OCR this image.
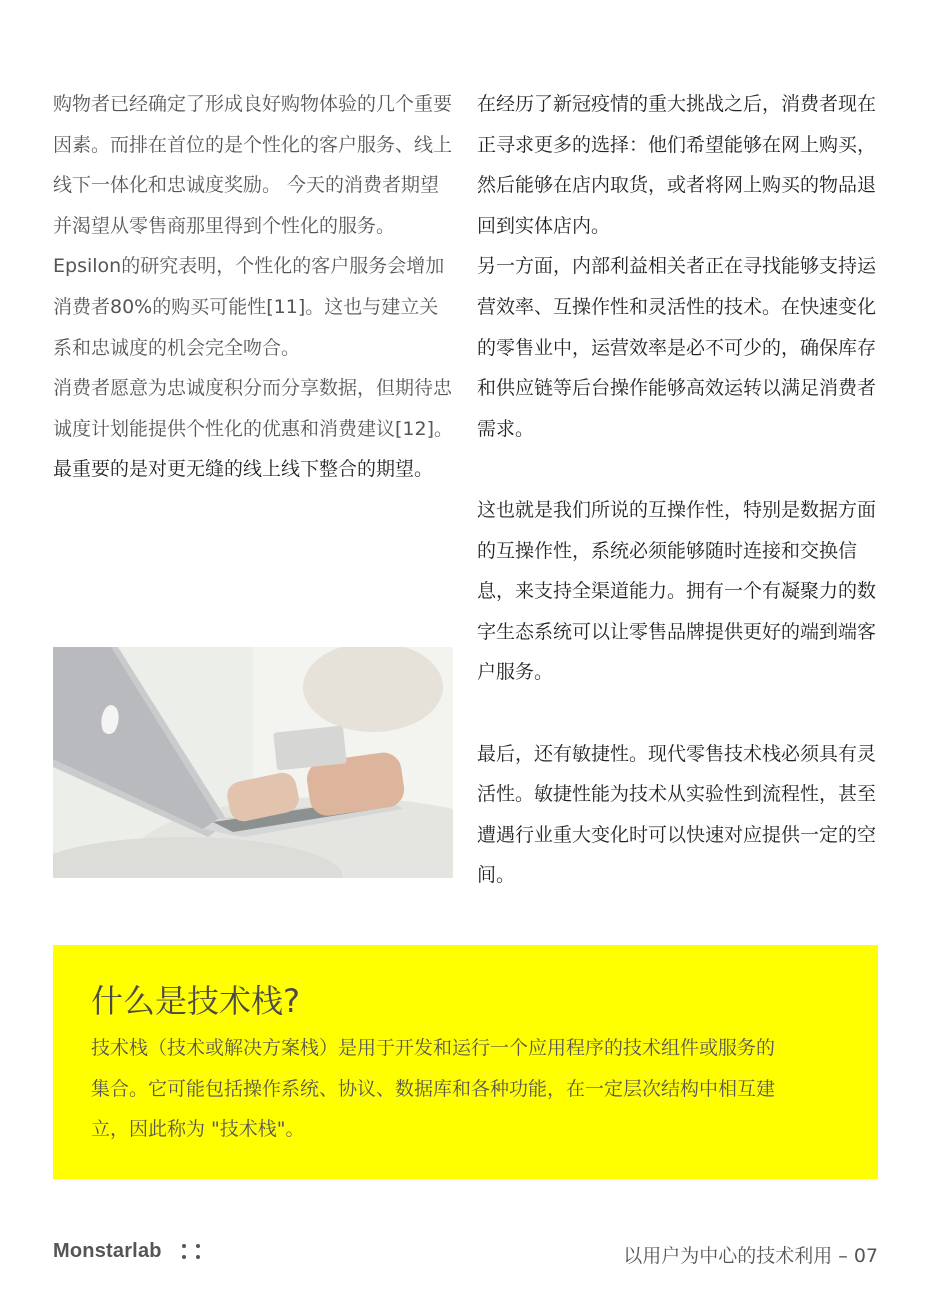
购物者已经确定了形成良好购物体验的几个重要因素。而排在首位的是个性化的客户服务、线上线下一体化和忠诚度奖励。 今天的消费者期望并渴望从零售商那里得到个性化的服务。Epsilon的研究表明，个性化的客户服务会增加消费者80%的购买可能性[11]。这也与建立关系和忠诚度的机会完全吻合。

消费者愿意为忠诚度积分而分享数据，但期待忠诚度计划能提供个性化的优惠和消费建议[12]。

最重要的是对更无缝的线上线下整合的期望。

在经历了新冠疫情的重大挑战之后，消费者现在正寻求更多的选择：他们希望能够在网上购买，然后能够在店内取货，或者将网上购买的物品退回到实体店内。

另一方面，内部利益相关者正在寻找能够支持运营效率、互操作性和灵活性的技术。在快速变化的零售业中，运营效率是必不可少的，确保库存和供应链等后台操作能够高效运转以满足消费者需求。

这也就是我们所说的互操作性，特别是数据方面的互操作性，系统必须能够随时连接和交换信息，来支持全渠道能力。拥有一个有凝聚力的数字生态系统可以让零售品牌提供更好的端到端客户服务。

最后，还有敏捷性。现代零售技术栈必须具有灵活性。敏捷性能为技术从实验性到流程性，甚至遭遇行业重大变化时可以快速对应提供一定的空间。

什么是技术栈?

技术栈（技术或解决方案栈）是用于开发和运行一个应用程序的技术组件或服务的集合。它可能包括操作系统、协议、数据库和各种功能，在一定层次结构中相互建立，因此称为 "技术栈"。

Monstarlab	以用户为中心的技术利用 – 07
